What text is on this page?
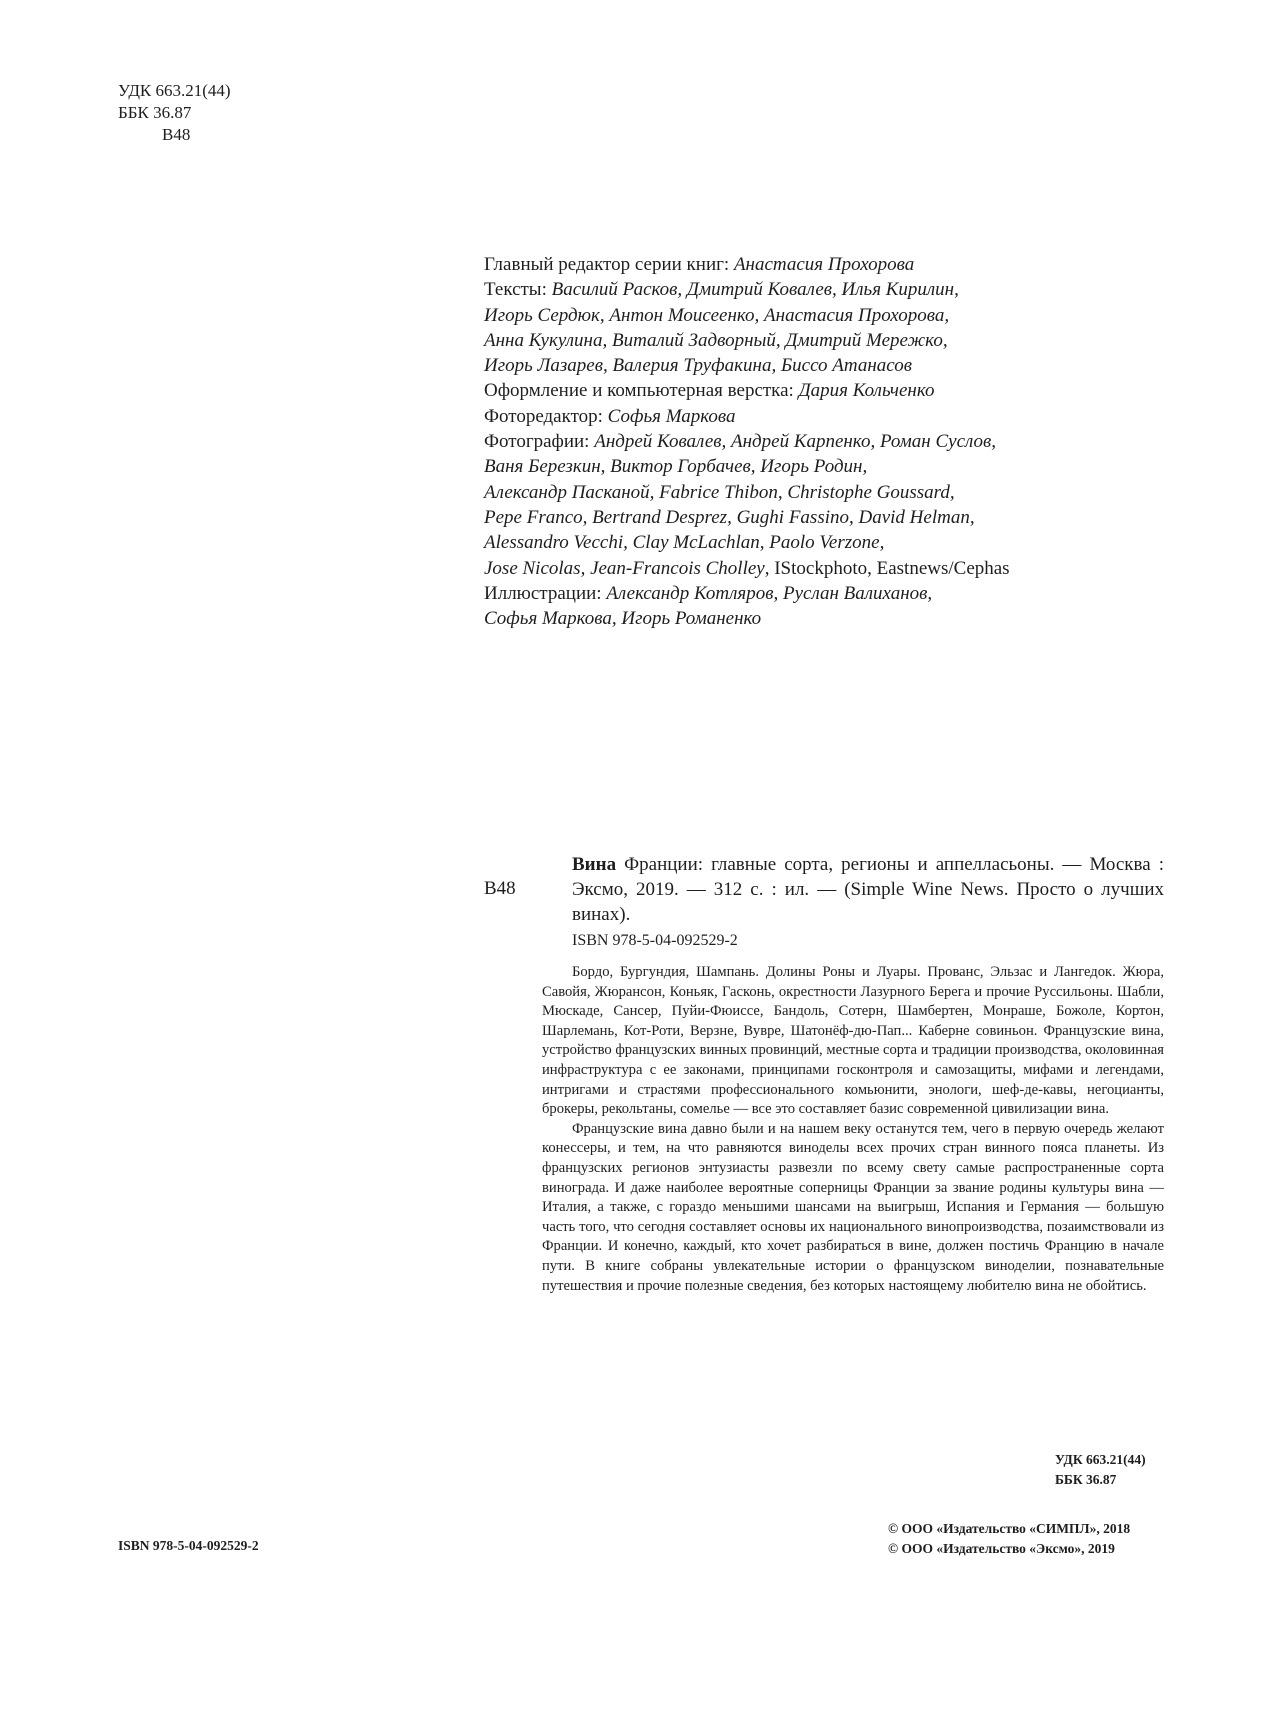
УДК 663.21(44)
ББК 36.87
В48
Главный редактор серии книг: Анастасия Прохорова
Тексты: Василий Расков, Дмитрий Ковалев, Илья Кирилин,
Игорь Сердюк, Антон Моисеенко, Анастасия Прохорова,
Анна Кукулина, Виталий Задворный, Дмитрий Мережко,
Игорь Лазарев, Валерия Труфакина, Биссо Атанасов
Оформление и компьютерная верстка: Дария Кольченко
Фоторедактор: Софья Маркова
Фотографии: Андрей Ковалев, Андрей Карпенко, Роман Суслов,
Ваня Березкин, Виктор Горбачев, Игорь Родин,
Александр Пасканой, Fabrice Thibon, Christophe Goussard,
Pepe Franco, Bertrand Desprez, Gughi Fassino, David Helman,
Alessandro Vecchi, Clay McLachlan, Paolo Verzone,
Jose Nicolas, Jean-Francois Cholley, IStockphoto, Eastnews/Cephas
Иллюстрации: Александр Котляров, Руслан Валиханов,
Софья Маркова, Игорь Романенко
В48
Вина Франции: главные сорта, регионы и аппелласьоны. — Москва : Эксмо, 2019. — 312 с. : ил. — (Simple Wine News. Просто о лучших винах).
ISBN 978-5-04-092529-2

Бордо, Бургундия, Шампань. Долины Роны и Луары. Прованс, Эльзас и Лангедок. Жюра, Савойя, Жюрансон, Коньяк, Гасконь, окрестности Лазурного Берега и прочие Руссильоны. Шабли, Мюскаде, Сансер, Пуйи-Фюиссе, Бандоль, Сотерн, Шамбертен, Монраше, Божоле, Кортон, Шарлемань, Кот-Роти, Верзне, Вувре, Шатонёф-дю-Пап... Каберне совиньон. Французские вина, устройство французских винных провинций, местные сорта и традиции производства, околовинная инфраструктура с ее законами, принципами госконтроля и самозащиты, мифами и легендами, интригами и страстями профессионального комьюнити, энологи, шеф-де-кавы, негоцианты, брокеры, рекольтаны, сомелье — все это составляет базис современной цивилизации вина.

Французские вина давно были и на нашем веку останутся тем, чего в первую очередь желают конессеры, и тем, на что равняются виноделы всех прочих стран винного пояса планеты. Из французских регионов энтузиасты развезли по всему свету самые распространенные сорта винограда. И даже наиболее вероятные соперницы Франции за звание родины культуры вина — Италия, а также, с гораздо меньшими шансами на выигрыш, Испания и Германия — большую часть того, что сегодня составляет основы их национального винопроизводства, позаимствовали из Франции. И конечно, каждый, кто хочет разбираться в вине, должен постичь Францию в начале пути. В книге собраны увлекательные истории о французском виноделии, познавательные путешествия и прочие полезные сведения, без которых настоящему любителю вина не обойтись.

УДК 663.21(44)
ББК 36.87
ISBN 978-5-04-092529-2
© ООО «Издательство «СИМПЛ», 2018
© ООО «Издательство «Эксмо», 2019
